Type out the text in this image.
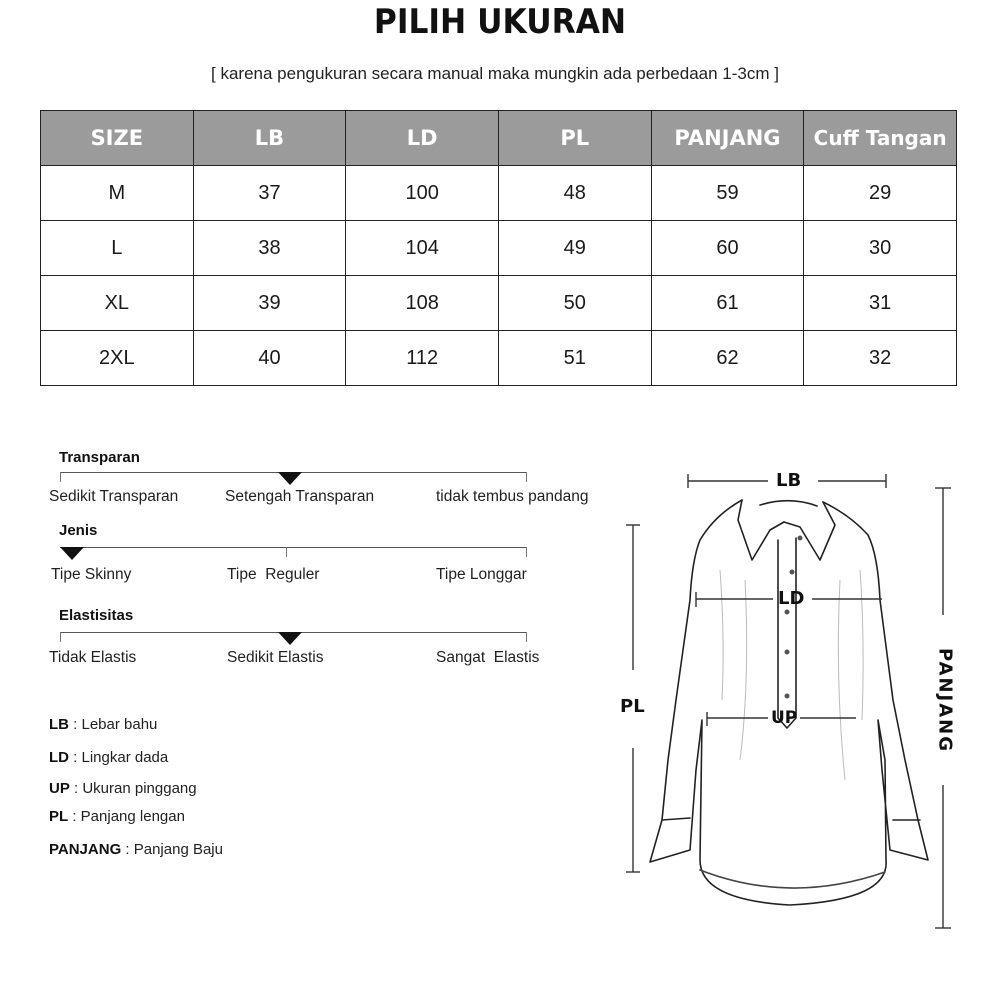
PILIH UKURAN
[ karena pengukuran secara manual maka mungkin ada perbedaan 1-3cm ]
SIZE	LB	LD	PL	PANJANG	Cuff Tangan
M	37	100	48	59	29
L	38	104	49	60	30
XL	39	108	50	61	31
2XL	40	112	51	62	32
Transparan
Sedikit Transparan	Setengah Transparan	tidak tembus pandang
Jenis
Tipe Skinny	Tipe  Reguler	Tipe Longgar
Elastisitas
Tidak Elastis	Sedikit Elastis	Sangat  Elastis
LB : Lebar bahu
LD : Lingkar dada
UP : Ukuran pinggang
PL : Panjang lengan
PANJANG : Panjang Baju
LB
LD
UP
PL	PANJANG
